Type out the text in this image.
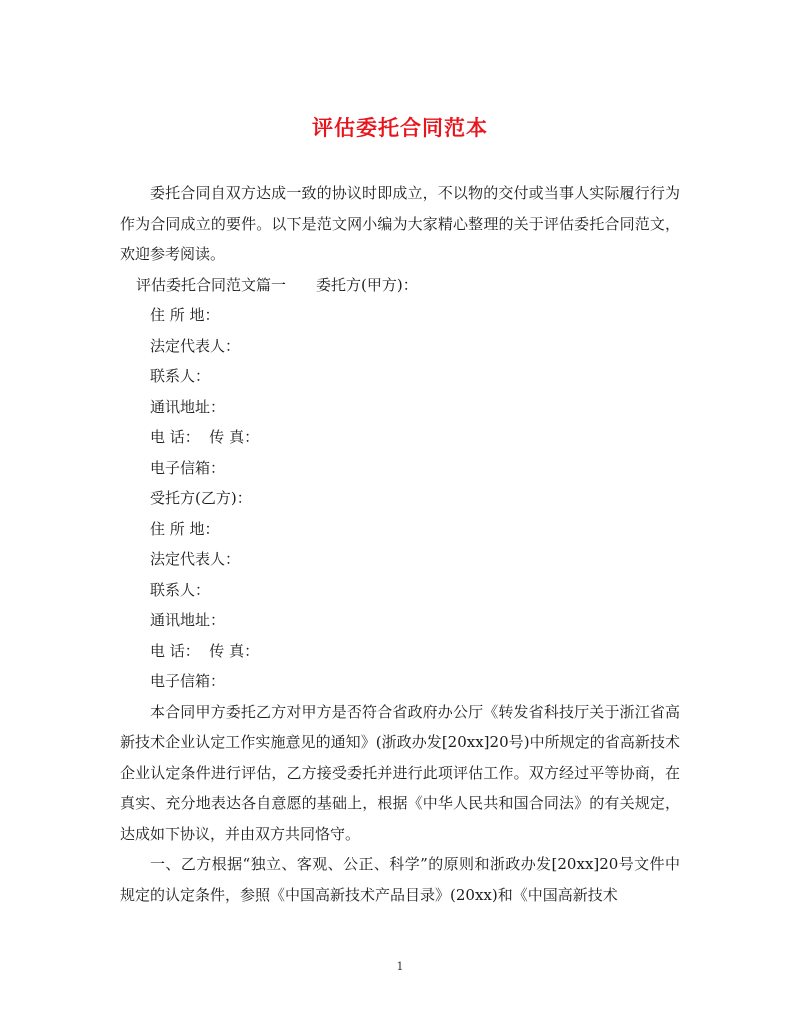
评估委托合同范本

委托合同自双方达成一致的协议时即成立，不以物的交付或当事人实际履行行为作为合同成立的要件。以下是范文网小编为大家精心整理的关于评估委托合同范文，欢迎参考阅读。

评估委托合同范文篇一　　委托方(甲方)：

住 所 地：

法定代表人：

联系人：

通讯地址：

电 话：  传 真：

电子信箱：

受托方(乙方)：

住 所 地：

法定代表人：

联系人：

通讯地址：

电 话：  传 真：

电子信箱：

本合同甲方委托乙方对甲方是否符合省政府办公厅《转发省科技厅关于浙江省高新技术企业认定工作实施意见的通知》(浙政办发[20xx]20号)中所规定的省高新技术企业认定条件进行评估，乙方接受委托并进行此项评估工作。双方经过平等协商，在真实、充分地表达各自意愿的基础上，根据《中华人民共和国合同法》的有关规定，达成如下协议，并由双方共同恪守。

一、乙方根据“独立、客观、公正、科学”的原则和浙政办发[20xx]20号文件中规定的认定条件，参照《中国高新技术产品目录》(20xx)和《中国高新技术

1
